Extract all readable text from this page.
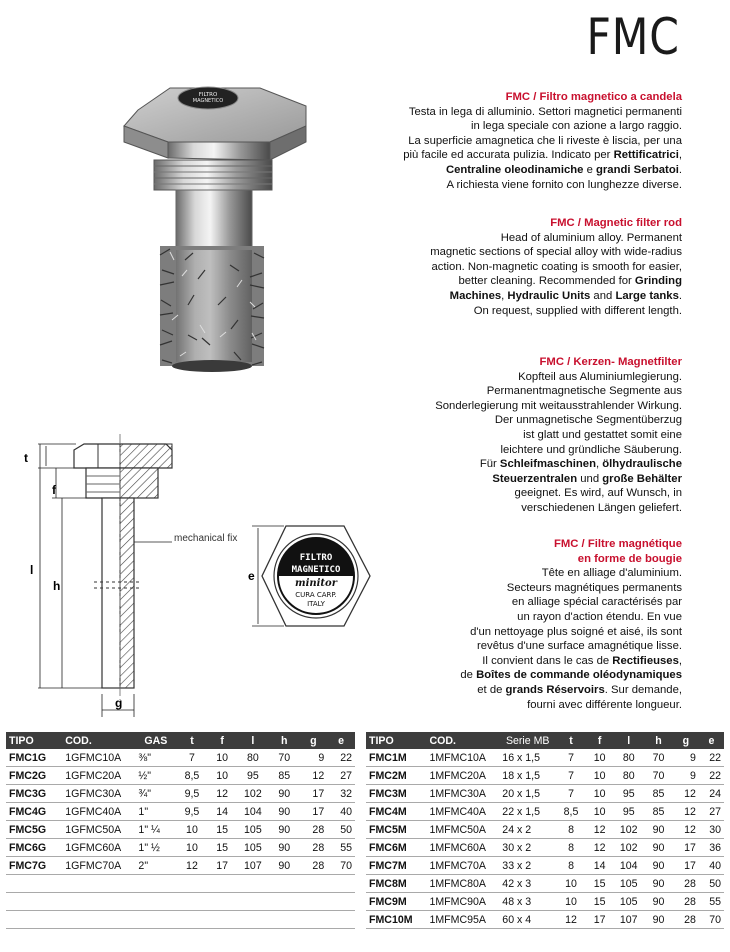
FMC
FMC / Filtro magnetico a candela

Testa in lega di alluminio. Settori magnetici permanenti

in lega speciale con azione a largo raggio.

La superficie amagnetica che li riveste è liscia, per una

più facile ed accurata pulizia. Indicato per Rettificatrici,

Centraline oleodinamiche e grandi Serbatoi.

A richiesta viene fornito con lunghezze diverse.

FMC / Magnetic filter rod

Head of aluminium alloy. Permanent

magnetic sections of special alloy with wide-radius

action. Non-magnetic coating is smooth for easier,

better cleaning. Recommended for Grinding

Machines, Hydraulic Units and Large tanks.

On request, supplied with different length.

FMC / Kerzen- Magnetfilter

Kopfteil aus Aluminiumlegierung.

Permanentmagnetische Segmente aus

Sonderlegierung mit weitausstrahlender Wirkung.

Der unmagnetische Segmentüberzug

ist glatt und gestattet somit eine

leichtere und gründliche Säuberung.

Für Schleifmaschinen, ölhydraulische

Steuerzentralen und große Behälter

geeignet. Es wird, auf Wunsch, in

verschiedenen Längen geliefert.

FMC / Filtre magnétique
en forme de bougie

Tête en alliage d'aluminium.

Secteurs magnétiques permanents

en alliage spécial caractérisés par

un rayon d'action étendu. En vue

d'un nettoyage plus soigné et aisé, ils sont

revêtus d'une surface amagnétique lisse.

Il convient dans le cas de Rectifieuses,

de Boîtes de commande oléodynamiques

et de grands Réservoirs. Sur demande,

fourni avec différente longueur.

FILTRO
MAGNETICO
t
f
l
h
g
mechanical fix
FILTRO
MAGNETICO
minitor
CURA CARP.
ITALY
e
TIPO	COD.	GAS	t	f	l	h	g	e
FMC1G	1GFMC10A	⅜"	7	10	80	70	9	22
FMC2G	1GFMC20A	½"	8,5	10	95	85	12	27
FMC3G	1GFMC30A	¾"	9,5	12	102	90	17	32
FMC4G	1GFMC40A	1"	9,5	14	104	90	17	40
FMC5G	1GFMC50A	1" ¼	10	15	105	90	28	50
FMC6G	1GFMC60A	1" ½	10	15	105	90	28	55
FMC7G	1GFMC70A	2"	12	17	107	90	28	70

TIPO	COD.	Serie MB	t	f	l	h	g	e
FMC1M	1MFMC10A	16 x 1,5	7	10	80	70	9	22
FMC2M	1MFMC20A	18 x 1,5	7	10	80	70	9	22
FMC3M	1MFMC30A	20 x 1,5	7	10	95	85	12	24
FMC4M	1MFMC40A	22 x 1,5	8,5	10	95	85	12	27
FMC5M	1MFMC50A	24 x 2	8	12	102	90	12	30
FMC6M	1MFMC60A	30 x 2	8	12	102	90	17	36
FMC7M	1MFMC70A	33 x 2	8	14	104	90	17	40
FMC8M	1MFMC80A	42 x 3	10	15	105	90	28	50
FMC9M	1MFMC90A	48 x 3	10	15	105	90	28	55
FMC10M	1MFMC95A	60 x 4	12	17	107	90	28	70
